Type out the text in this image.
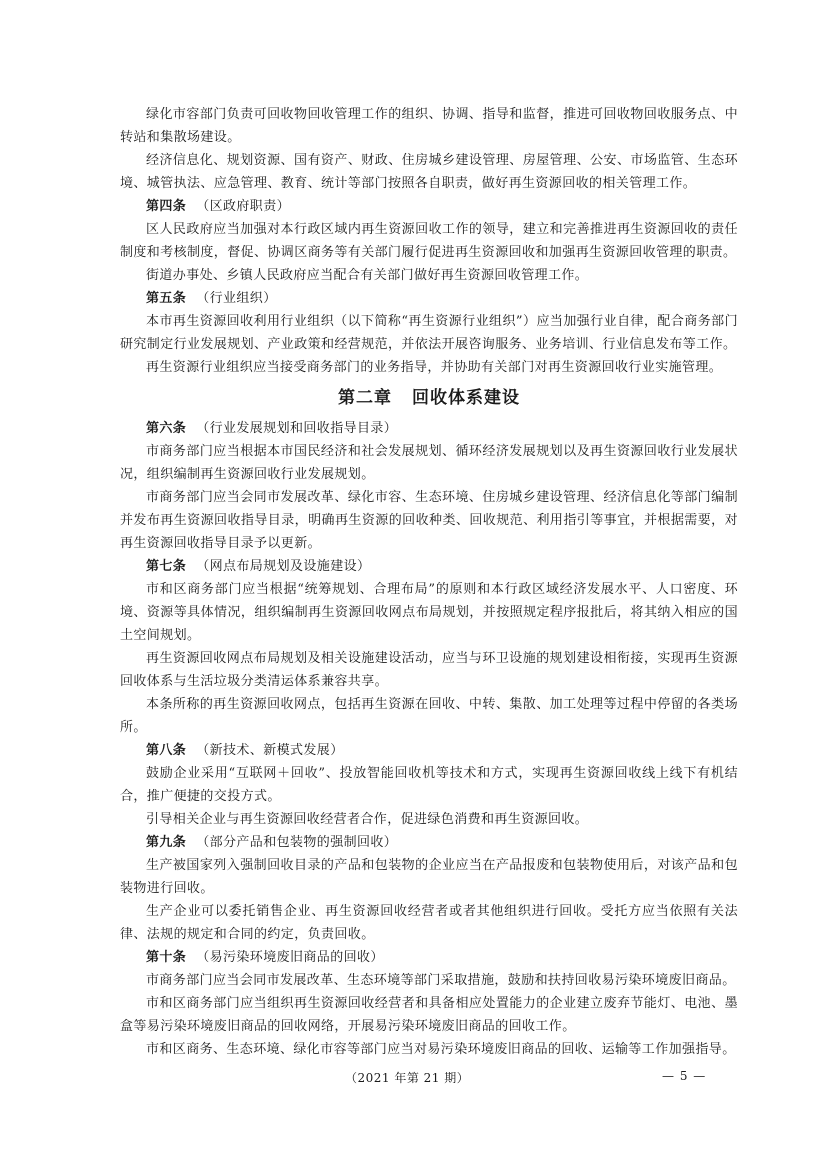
绿化市容部门负责可回收物回收管理工作的组织、协调、指导和监督，推进可回收物回收服务点、中转站和集散场建设。

经济信息化、规划资源、国有资产、财政、住房城乡建设管理、房屋管理、公安、市场监管、生态环境、城管执法、应急管理、教育、统计等部门按照各自职责，做好再生资源回收的相关管理工作。

第四条 （区政府职责）

区人民政府应当加强对本行政区域内再生资源回收工作的领导，建立和完善推进再生资源回收的责任制度和考核制度，督促、协调区商务等有关部门履行促进再生资源回收和加强再生资源回收管理的职责。

街道办事处、乡镇人民政府应当配合有关部门做好再生资源回收管理工作。

第五条 （行业组织）

本市再生资源回收利用行业组织（以下简称“再生资源行业组织”）应当加强行业自律，配合商务部门研究制定行业发展规划、产业政策和经营规范，并依法开展咨询服务、业务培训、行业信息发布等工作。

再生资源行业组织应当接受商务部门的业务指导，并协助有关部门对再生资源回收行业实施管理。

第二章 回收体系建设

第六条 （行业发展规划和回收指导目录）

市商务部门应当根据本市国民经济和社会发展规划、循环经济发展规划以及再生资源回收行业发展状况，组织编制再生资源回收行业发展规划。

市商务部门应当会同市发展改革、绿化市容、生态环境、住房城乡建设管理、经济信息化等部门编制并发布再生资源回收指导目录，明确再生资源的回收种类、回收规范、利用指引等事宜，并根据需要，对再生资源回收指导目录予以更新。

第七条 （网点布局规划及设施建设）

市和区商务部门应当根据“统筹规划、合理布局”的原则和本行政区域经济发展水平、人口密度、环境、资源等具体情况，组织编制再生资源回收网点布局规划，并按照规定程序报批后，将其纳入相应的国土空间规划。

再生资源回收网点布局规划及相关设施建设活动，应当与环卫设施的规划建设相衔接，实现再生资源回收体系与生活垃圾分类清运体系兼容共享。

本条所称的再生资源回收网点，包括再生资源在回收、中转、集散、加工处理等过程中停留的各类场所。

第八条 （新技术、新模式发展）

鼓励企业采用“互联网＋回收”、投放智能回收机等技术和方式，实现再生资源回收线上线下有机结合，推广便捷的交投方式。

引导相关企业与再生资源回收经营者合作，促进绿色消费和再生资源回收。

第九条 （部分产品和包装物的强制回收）

生产被国家列入强制回收目录的产品和包装物的企业应当在产品报废和包装物使用后，对该产品和包装物进行回收。

生产企业可以委托销售企业、再生资源回收经营者或者其他组织进行回收。受托方应当依照有关法律、法规的规定和合同的约定，负责回收。

第十条 （易污染环境废旧商品的回收）

市商务部门应当会同市发展改革、生态环境等部门采取措施，鼓励和扶持回收易污染环境废旧商品。

市和区商务部门应当组织再生资源回收经营者和具备相应处置能力的企业建立废弃节能灯、电池、墨盒等易污染环境废旧商品的回收网络，开展易污染环境废旧商品的回收工作。

市和区商务、生态环境、绿化市容等部门应当对易污染环境废旧商品的回收、运输等工作加强指导。

（2021 年第 21 期）	— 5 —
